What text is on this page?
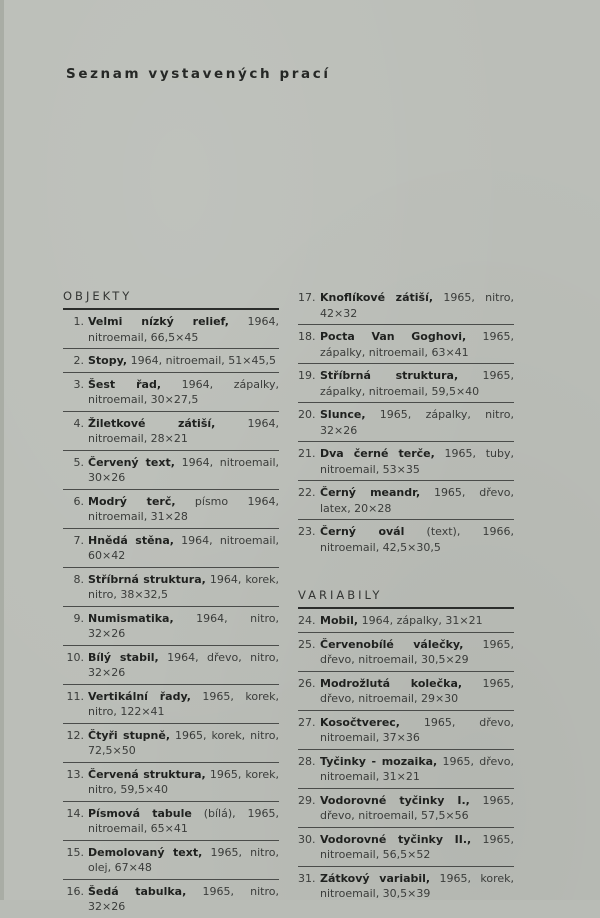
Seznam vystavených prací
OBJEKTY
1. Velmi nízký relief, 1964, nitroemail, 66,5×45
2. Stopy, 1964, nitroemail, 51×45,5
3. Šest řad, 1964, zápalky, nitroemail, 30×27,5
4. Žiletkové zátiší, 1964, nitroemail, 28×21
5. Červený text, 1964, nitroemail, 30×26
6. Modrý terč, písmo 1964, nitroemail, 31×28
7. Hnědá stěna, 1964, nitroemail, 60×42
8. Stříbrná struktura, 1964, korek, nitro, 38×32,5
9. Numismatika, 1964, nitro, 32×26
10. Bílý stabil, 1964, dřevo, nitro, 32×26
11. Vertikální řady, 1965, korek, nitro, 122×41
12. Čtyři stupně, 1965, korek, nitro, 72,5×50
13. Červená struktura, 1965, korek, nitro, 59,5×40
14. Písmová tabule (bílá), 1965, nitroemail, 65×41
15. Demolovaný text, 1965, nitro, olej, 67×48
16. Šedá tabulka, 1965, nitro, 32×26
17. Knoflíkové zátiší, 1965, nitro, 42×32
18. Pocta Van Goghovi, 1965, zápalky, nitroemail, 63×41
19. Stříbrná struktura, 1965, zápalky, nitroemail, 59,5×40
20. Slunce, 1965, zápalky, nitro, 32×26
21. Dva černé terče, 1965, tuby, nitroemail, 53×35
22. Černý meandr, 1965, dřevo, latex, 20×28
23. Černý ovál (text), 1966, nitroemail, 42,5×30,5
VARIABILY
24. Mobil, 1964, zápalky, 31×21
25. Červenobílé válečky, 1965, dřevo, nitroemail, 30,5×29
26. Modrožlutá kolečka, 1965, dřevo, nitroemail, 29×30
27. Kosočtverec, 1965, dřevo, nitroemail, 37×36
28. Tyčinky - mozaika, 1965, dřevo, nitroemail, 31×21
29. Vodorovné tyčinky I., 1965, dřevo, nitroemail, 57,5×56
30. Vodorovné tyčinky II., 1965, nitroemail, 56,5×52
31. Zátkový variabil, 1965, korek, nitroemail, 30,5×39
